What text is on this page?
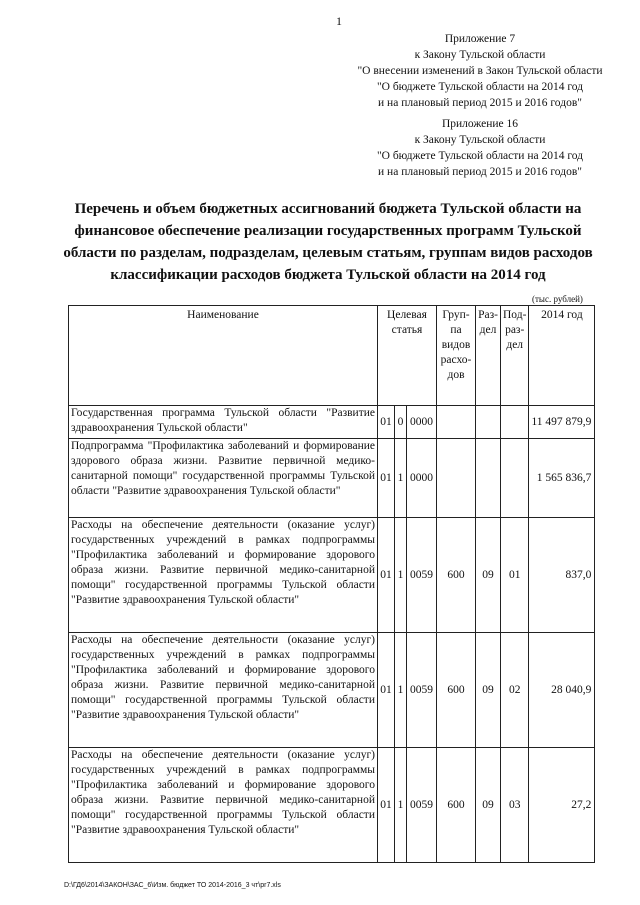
1
Приложение 7
к Закону Тульской области
"О внесении изменений в Закон Тульской области
"О бюджете Тульской области на 2014 год
и на плановый период 2015 и 2016 годов"
Приложение 16
к Закону Тульской области
"О бюджете Тульской области на 2014 год
и на плановый период 2015 и 2016 годов"
Перечень и объем бюджетных ассигнований бюджета Тульской области на финансовое обеспечение реализации государственных программ Тульской области по разделам, подразделам, целевым статьям, группам видов расходов классификации расходов бюджета Тульской области на 2014 год
(тыс. рублей)
Наименование	Целевая статья			Груп-па видов расхо-дов	Раз-дел	Под-раз-дел	2014 год
Государственная программа Тульской области "Развитие здравоохранения Тульской области"	01	0	0000				11 497 879,9
Подпрограмма "Профилактика заболеваний и формирование здорового образа жизни. Развитие первичной медико-санитарной помощи" государственной программы Тульской области "Развитие здравоохранения Тульской области"	01	1	0000				1 565 836,7
Расходы на обеспечение деятельности (оказание услуг) государственных учреждений в рамках подпрограммы "Профилактика заболеваний и формирование здорового образа жизни. Развитие первичной медико-санитарной помощи" государственной программы Тульской области "Развитие здравоохранения Тульской области"	01	1	0059	600	09	01	837,0
Расходы на обеспечение деятельности (оказание услуг) государственных учреждений в рамках подпрограммы "Профилактика заболеваний и формирование здорового образа жизни. Развитие первичной медико-санитарной помощи" государственной программы Тульской области "Развитие здравоохранения Тульской области"	01	1	0059	600	09	02	28 040,9
Расходы на обеспечение деятельности (оказание услуг) государственных учреждений в рамках подпрограммы "Профилактика заболеваний и формирование здорового образа жизни. Развитие первичной медико-санитарной помощи" государственной программы Тульской области "Развитие здравоохранения Тульской области"	01	1	0059	600	09	03	27,2
D:\ГД6\2014\ЗАКОН\ЗАС_6\Изм. бюджет ТО 2014-2016_3 чт\pr7.xls
